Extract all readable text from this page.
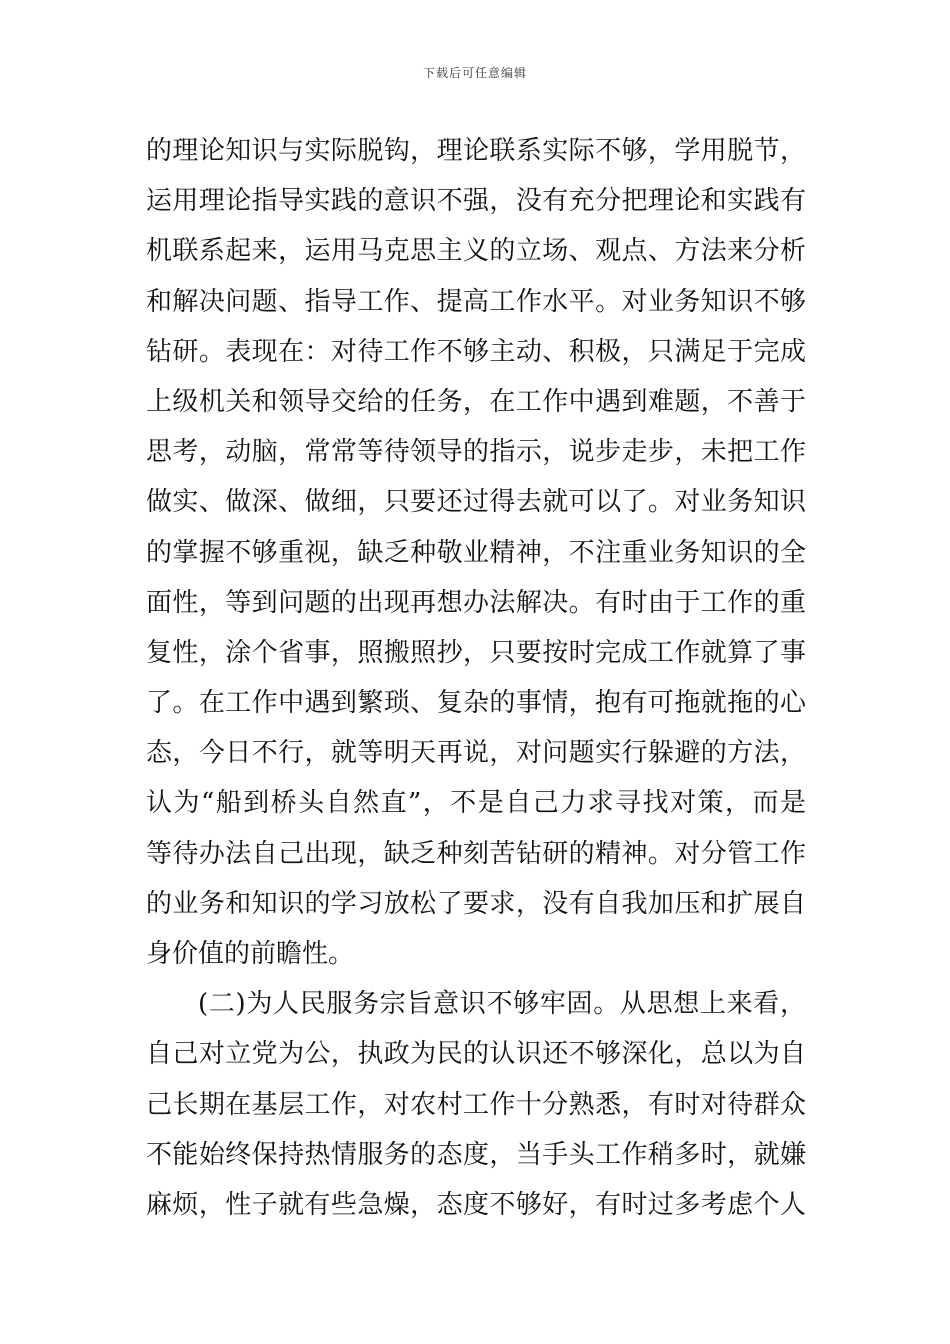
下载后可任意编辑
的理论知识与实际脱钩，理论联系实际不够，学用脱节，
运用理论指导实践的意识不强，没有充分把理论和实践有
机联系起来，运用马克思主义的立场、观点、方法来分析
和解决问题、指导工作、提高工作水平。对业务知识不够
钻研。表现在：对待工作不够主动、积极，只满足于完成
上级机关和领导交给的任务，在工作中遇到难题，不善于
思考，动脑，常常等待领导的指示，说步走步，未把工作
做实、做深、做细，只要还过得去就可以了。对业务知识
的掌握不够重视，缺乏种敬业精神，不注重业务知识的全
面性，等到问题的出现再想办法解决。有时由于工作的重
复性，涂个省事，照搬照抄，只要按时完成工作就算了事
了。在工作中遇到繁琐、复杂的事情，抱有可拖就拖的心
态，今日不行，就等明天再说，对问题实行躲避的方法，
认为“船到桥头自然直”，不是自己力求寻找对策，而是
等待办法自己出现，缺乏种刻苦钻研的精神。对分管工作
的业务和知识的学习放松了要求，没有自我加压和扩展自
身价值的前瞻性。
(二)为人民服务宗旨意识不够牢固。从思想上来看，
自己对立党为公，执政为民的认识还不够深化，总以为自
己长期在基层工作，对农村工作十分熟悉，有时对待群众
不能始终保持热情服务的态度，当手头工作稍多时，就嫌
麻烦，性子就有些急燥，态度不够好，有时过多考虑个人
